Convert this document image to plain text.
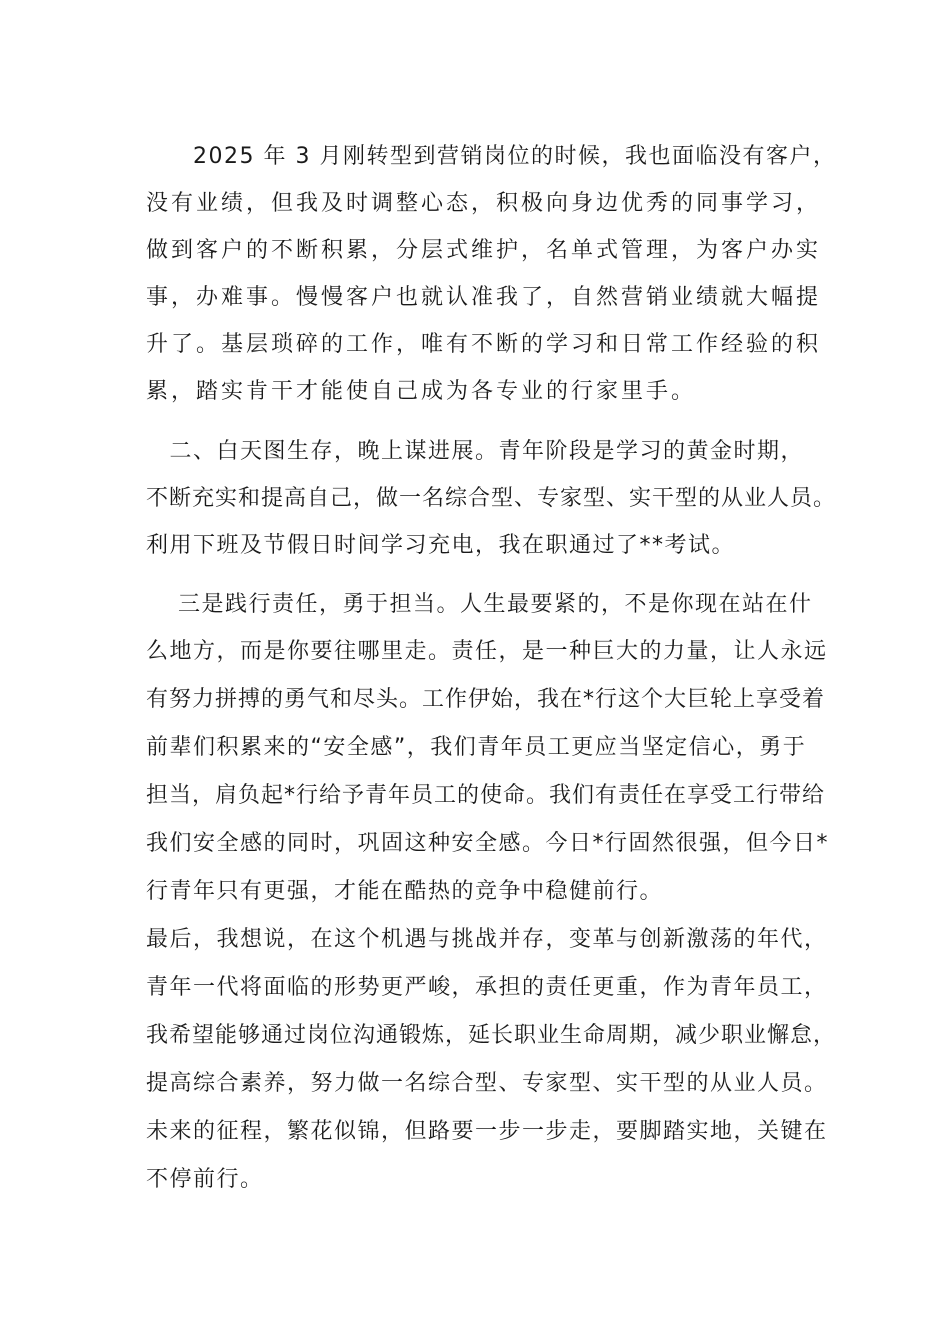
　　2025 年 3 月刚转型到营销岗位的时候，我也面临没有客户，

没有业绩，但我及时调整心态，积极向身边优秀的同事学习，

做到客户的不断积累，分层式维护，名单式管理，为客户办实

事，办难事。慢慢客户也就认准我了，自然营销业绩就大幅提

升了。基层琐碎的工作，唯有不断的学习和日常工作经验的积

累，踏实肯干才能使自己成为各专业的行家里手。

　二、白天图生存，晚上谋进展。青年阶段是学习的黄金时期，

不断充实和提高自己，做一名综合型、专家型、实干型的从业人员。

利用下班及节假日时间学习充电，我在职通过了**考试。

　 三是践行责任，勇于担当。人生最要紧的，不是你现在站在什

么地方，而是你要往哪里走。责任，是一种巨大的力量，让人永远

有努力拼搏的勇气和尽头。工作伊始，我在*行这个大巨轮上享受着

前辈们积累来的“安全感”，我们青年员工更应当坚定信心，勇于

担当，肩负起*行给予青年员工的使命。我们有责任在享受工行带给

我们安全感的同时，巩固这种安全感。今日*行固然很强，但今日*

行青年只有更强，才能在酷热的竞争中稳健前行。

最后，我想说，在这个机遇与挑战并存，变革与创新激荡的年代，

青年一代将面临的形势更严峻，承担的责任更重，作为青年员工，

我希望能够通过岗位沟通锻炼，延长职业生命周期，减少职业懈怠，

提高综合素养，努力做一名综合型、专家型、实干型的从业人员。

未来的征程，繁花似锦，但路要一步一步走，要脚踏实地，关键在

不停前行。
